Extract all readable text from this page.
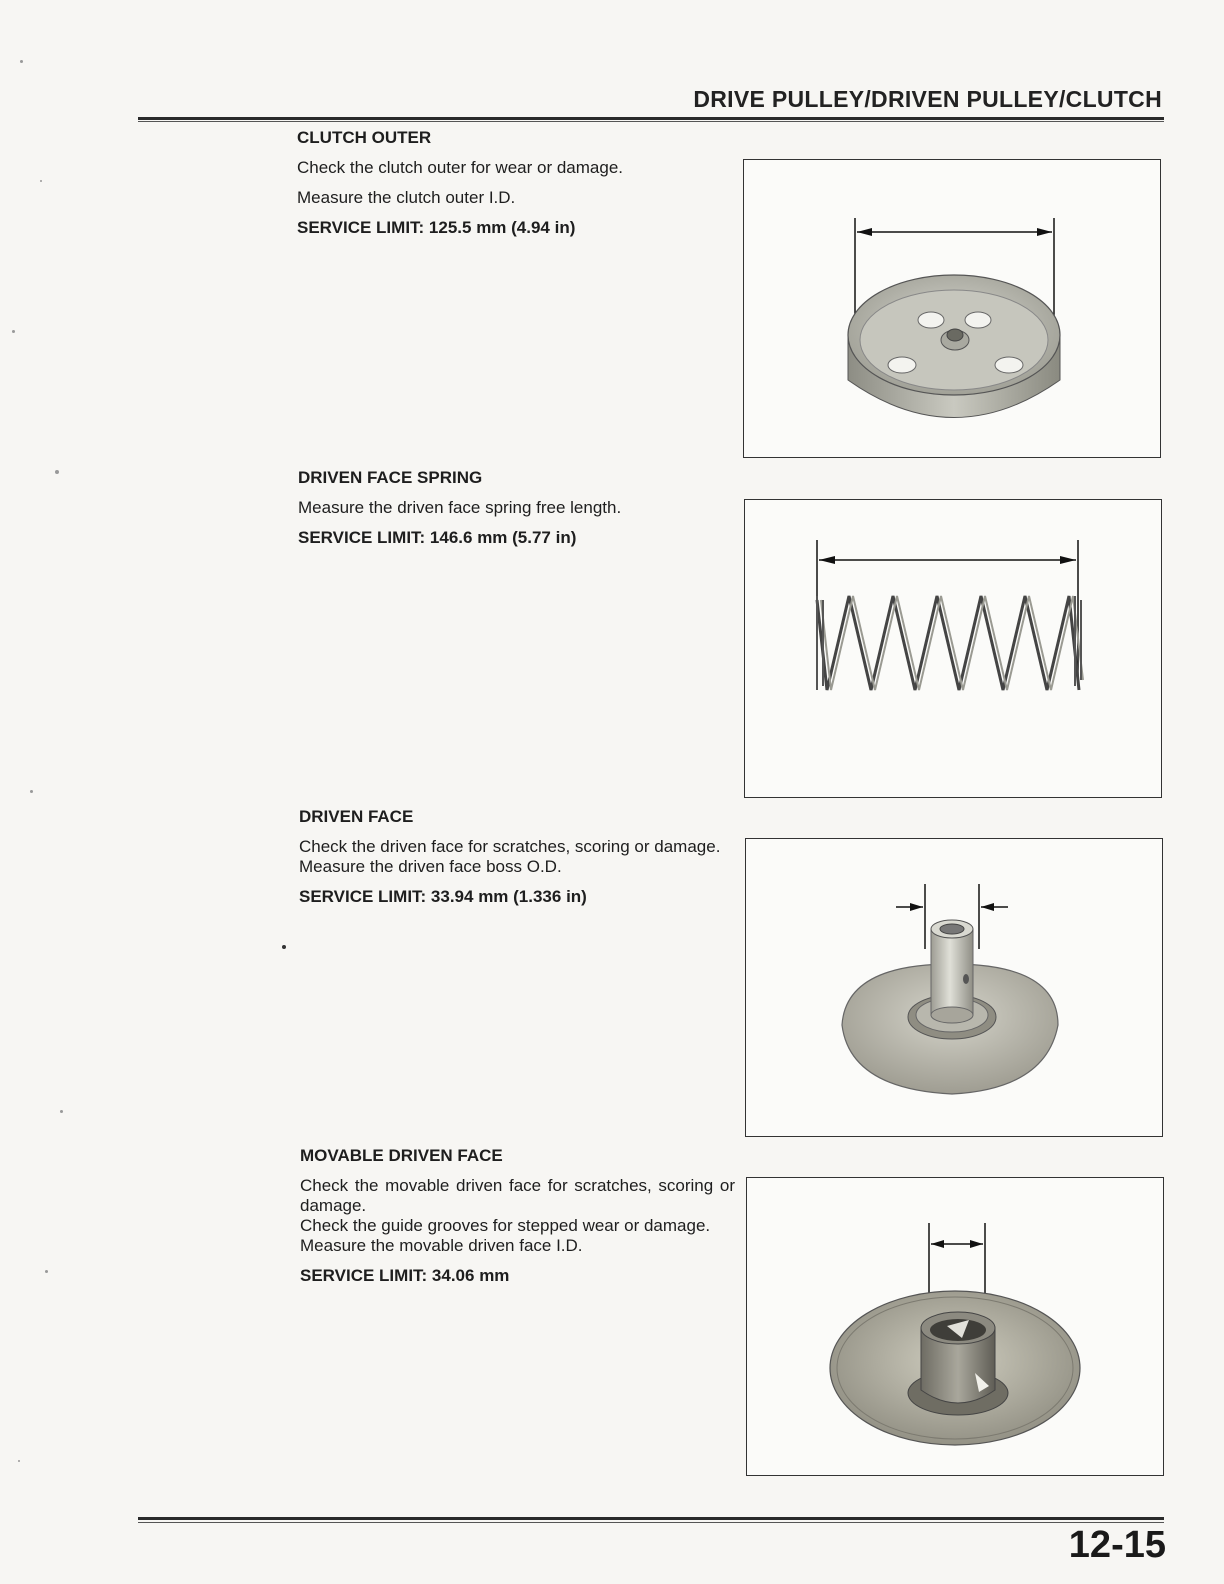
DRIVE PULLEY/DRIVEN PULLEY/CLUTCH
CLUTCH OUTER
Check the clutch outer for wear or damage.
Measure the clutch outer I.D.
SERVICE LIMIT: 125.5 mm (4.94 in)
DRIVEN FACE SPRING
Measure the driven face spring free length.
SERVICE LIMIT: 146.6 mm (5.77 in)
DRIVEN FACE
Check the driven face for scratches, scoring or damage.
Measure the driven face boss O.D.
SERVICE LIMIT: 33.94 mm (1.336 in)
MOVABLE DRIVEN FACE
Check the movable driven face for scratches, scoring or damage.
Check the guide grooves for stepped wear or damage.
Measure the movable driven face I.D.
SERVICE LIMIT: 34.06 mm
12-15
